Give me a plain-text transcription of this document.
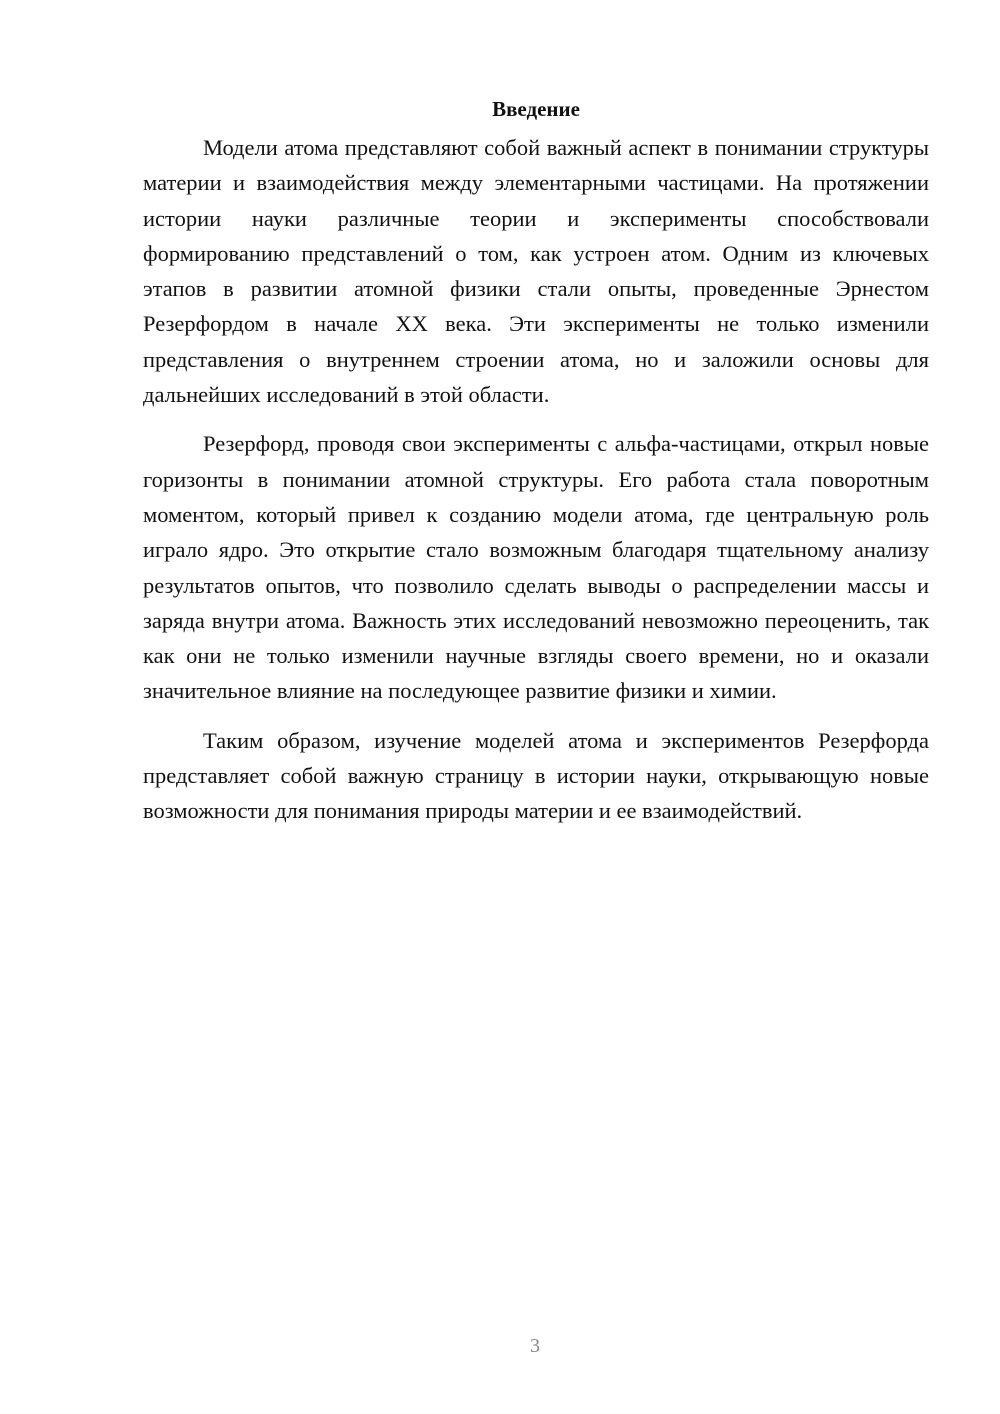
Введение

Модели атома представляют собой важный аспект в понимании структуры материи и взаимодействия между элементарными частицами. На протяжении истории науки различные теории и эксперименты способствовали формированию представлений о том, как устроен атом. Одним из ключевых этапов в развитии атомной физики стали опыты, проведенные Эрнестом Резерфордом в начале XX века. Эти эксперименты не только изменили представления о внутреннем строении атома, но и заложили основы для дальнейших исследований в этой области.

Резерфорд, проводя свои эксперименты с альфа-частицами, открыл новые горизонты в понимании атомной структуры. Его работа стала поворотным моментом, который привел к созданию модели атома, где центральную роль играло ядро. Это открытие стало возможным благодаря тщательному анализу результатов опытов, что позволило сделать выводы о распределении массы и заряда внутри атома. Важность этих исследований невозможно переоценить, так как они не только изменили научные взгляды своего времени, но и оказали значительное влияние на последующее развитие физики и химии.

Таким образом, изучение моделей атома и экспериментов Резерфорда представляет собой важную страницу в истории науки, открывающую новые возможности для понимания природы материи и ее взаимодействий.

3
